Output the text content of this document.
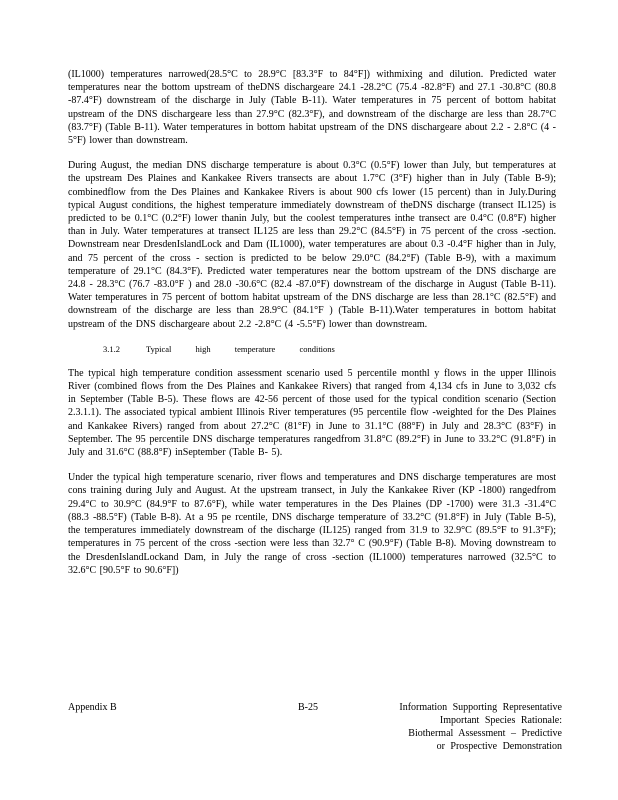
(IL1000) temperatures narrowed(28.5°C to 28.9°C [83.3°F to 84°F]) withmixing and dilution. Predicted water temperatures near the bottom upstream of theDNS dischargeare 24.1 -28.2°C (75.4 -82.8°F) and 27.1 -30.8°C (80.8 -87.4°F) downstream of the discharge in July (Table B-11). Water temperatures in 75 percent of bottom habitat upstream of the DNS dischargeare less than 27.9°C (82.3°F), and downstream of the discharge are less than 28.7°C (83.7°F) (Table B-11). Water temperatures in bottom habitat upstream of the DNS dischargeare about 2.2 - 2.8°C (4 - 5°F) lower than downstream.

During August, the median DNS discharge temperature is about 0.3°C (0.5°F) lower than July, but temperatures at the upstream Des Plaines and Kankakee Rivers transects are about 1.7°C (3°F) higher than in July (Table B-9); combinedflow from the Des Plaines and Kankakee Rivers is about 900 cfs lower (15 percent) than in July.During typical August conditions, the highest temperature immediately downstream of theDNS discharge (transect IL125) is predicted to be 0.1°C (0.2°F) lower thanin July, but the coolest temperatures inthe transect are 0.4°C (0.8°F) higher than in July. Water temperatures at transect IL125 are less than 29.2°C (84.5°F) in 75 percent of the cross -section. Downstream near DresdenIslandLock and Dam (IL1000), water temperatures are about 0.3 -0.4°F higher than in July, and 75 percent of the cross - section is predicted to be below 29.0°C (84.2°F) (Table B-9), with a maximum temperature of 29.1°C (84.3°F). Predicted water temperatures near the bottom upstream of the DNS discharge are 24.8 - 28.3°C (76.7 -83.0°F ) and 28.0 -30.6°C (82.4 -87.0°F) downstream of the discharge in August (Table B-11). Water temperatures in 75 percent of bottom habitat upstream of the DNS discharge are less than 28.1°C (82.5°F) and downstream of the discharge are less than 28.9°C (84.1°F ) (Table B-11).Water temperatures in bottom habitat upstream of the DNS dischargeare about 2.2 -2.8°C (4 -5.5°F) lower than downstream.

3.1.2	Typical high temperature conditions

The typical high temperature condition assessment scenario used 5 percentile monthl y flows in the upper Illinois River (combined flows from the Des Plaines and Kankakee Rivers) that ranged from 4,134 cfs in June to 3,032 cfs in September (Table B-5). These flows are 42-56 percent of those used for the typical condition scenario (Section 2.3.1.1). The associated typical ambient Illinois River temperatures (95 percentile flow -weighted for the Des Plaines and Kankakee Rivers) ranged from about 27.2°C (81°F) in June to 31.1°C (88°F) in July and 28.3°C (83°F) in September. The 95 percentile DNS discharge temperatures rangedfrom 31.8°C (89.2°F) in June to 33.2°C (91.8°F) in July and 31.6°C (88.8°F) inSeptember (Table B- 5).

Under the typical high temperature scenario, river flows and temperatures and DNS discharge temperatures are most cons training during July and August. At the upstream transect, in July the Kankakee River (KP -1800) rangedfrom 29.4°C to 30.9°C (84.9°F to 87.6°F), while water temperatures in the Des Plaines (DP -1700) were 31.3 -31.4°C (88.3 -88.5°F) (Table B-8). At a 95 pe rcentile, DNS discharge temperature of 33.2°C (91.8°F) in July (Table B-5), the temperatures immediately downstream of the discharge (IL125) ranged from 31.9 to 32.9°C (89.5°F to 91.3°F); temperatures in 75 percent of the cross -section were less than 32.7° C (90.9°F) (Table B-8). Moving downstream to the DresdenIslandLockand Dam, in July the range of cross -section (IL1000) temperatures narrowed (32.5°C to 32.6°C [90.5°F to 90.6°F])

Appendix B	B-25	Information Supporting Representative
Important Species Rationale:
Biothermal Assessment – Predictive
or Prospective Demonstration
